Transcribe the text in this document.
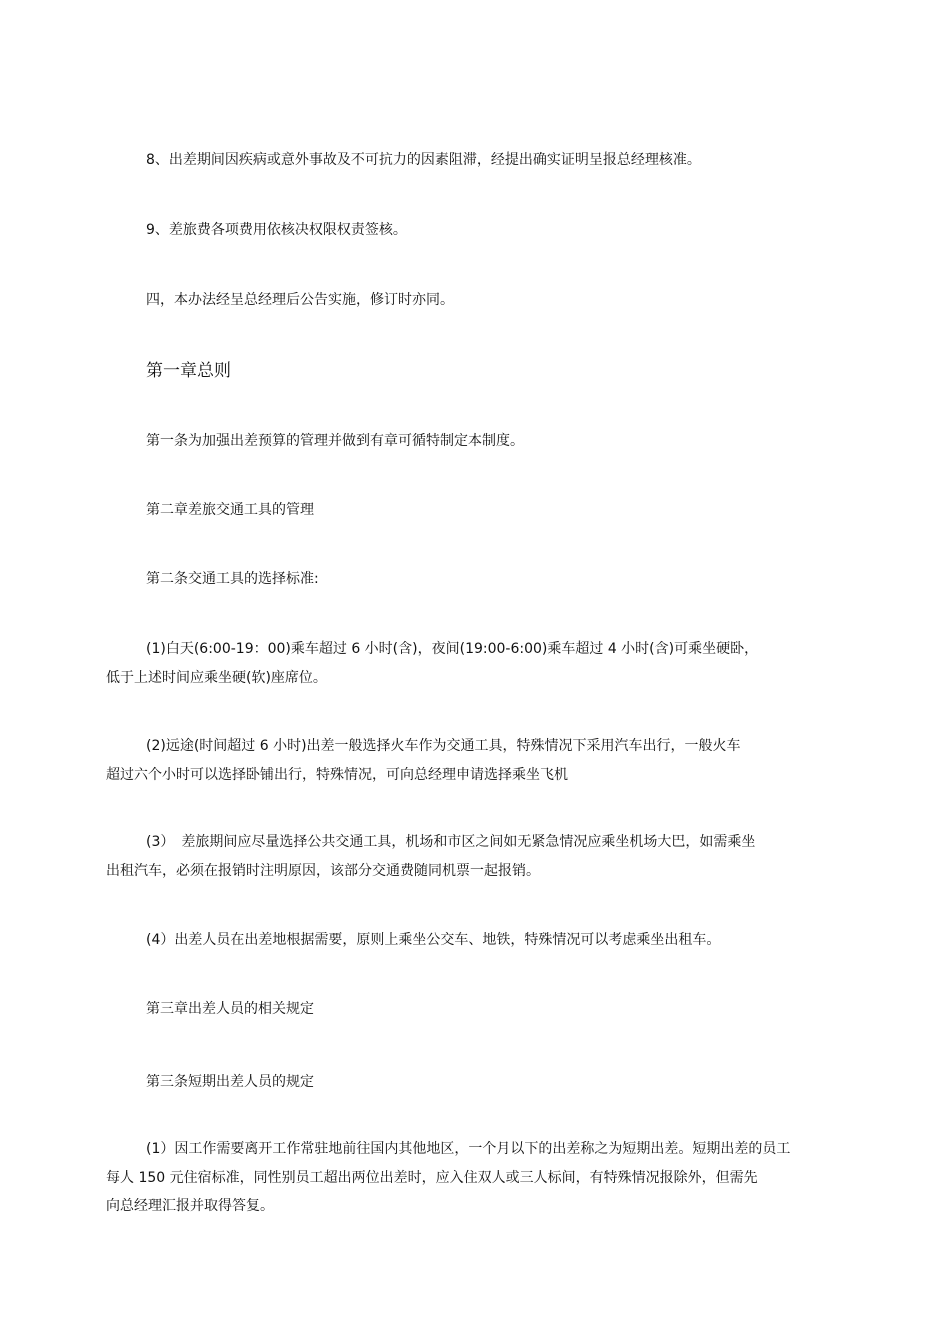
8、出差期间因疾病或意外事故及不可抗力的因素阻滞，经提出确实证明呈报总经理核准。
9、差旅费各项费用依核决权限权责签核。
四，本办法经呈总经理后公告实施，修订时亦同。
第一章总则
第一条为加强出差预算的管理并做到有章可循特制定本制度。
第二章差旅交通工具的管理
第二条交通工具的选择标准:
(1)白天(6:00-19：00)乘车超过 6 小时(含)，夜间(19:00-6:00)乘车超过 4 小时(含)可乘坐硬卧，
低于上述时间应乘坐硬(软)座席位。
(2)远途(时间超过 6 小时)出差一般选择火车作为交通工具，特殊情况下采用汽车出行，一般火车
超过六个小时可以选择卧铺出行，特殊情况，可向总经理申请选择乘坐飞机
(3）　差旅期间应尽量选择公共交通工具，机场和市区之间如无紧急情况应乘坐机场大巴，如需乘坐
出租汽车，必须在报销时注明原因，该部分交通费随同机票一起报销。
(4）出差人员在出差地根据需要，原则上乘坐公交车、地铁，特殊情况可以考虑乘坐出租车。
第三章出差人员的相关规定
第三条短期出差人员的规定
(1）因工作需要离开工作常驻地前往国内其他地区，一个月以下的出差称之为短期出差。短期出差的员工
每人 150 元住宿标准，同性别员工超出两位出差时，应入住双人或三人标间，有特殊情况报除外，但需先
向总经理汇报并取得答复。
